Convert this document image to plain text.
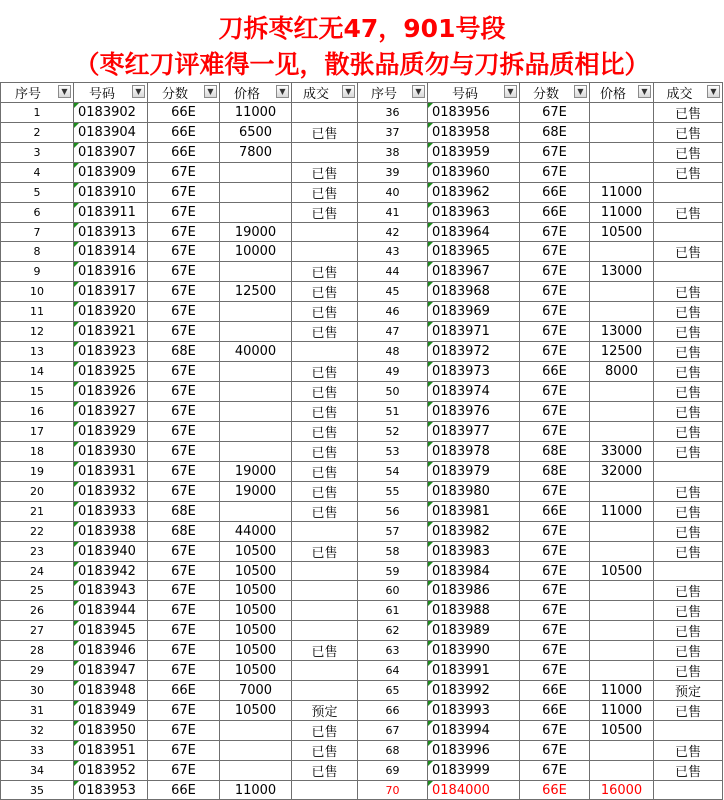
刀拆枣红无47，901号段
（枣红刀评难得一见，散张品质勿与刀拆品质相比）
序号 ▼	号码 ▼	分数 ▼	价格 ▼	成交 ▼	序号 ▼	号码 ▼	分数 ▼	价格 ▼	成交 ▼

1	0183902	66E	11000		36	0183956	67E		已售
2	0183904	66E	6500	已售	37	0183958	68E		已售
3	0183907	66E	7800		38	0183959	67E		已售
4	0183909	67E		已售	39	0183960	67E		已售
5	0183910	67E		已售	40	0183962	66E	11000	
6	0183911	67E		已售	41	0183963	66E	11000	已售
7	0183913	67E	19000		42	0183964	67E	10500	
8	0183914	67E	10000		43	0183965	67E		已售
9	0183916	67E		已售	44	0183967	67E	13000	
10	0183917	67E	12500	已售	45	0183968	67E		已售
11	0183920	67E		已售	46	0183969	67E		已售
12	0183921	67E		已售	47	0183971	67E	13000	已售
13	0183923	68E	40000		48	0183972	67E	12500	已售
14	0183925	67E		已售	49	0183973	66E	8000	已售
15	0183926	67E		已售	50	0183974	67E		已售
16	0183927	67E		已售	51	0183976	67E		已售
17	0183929	67E		已售	52	0183977	67E		已售
18	0183930	67E		已售	53	0183978	68E	33000	已售
19	0183931	67E	19000	已售	54	0183979	68E	32000	
20	0183932	67E	19000	已售	55	0183980	67E		已售
21	0183933	68E		已售	56	0183981	66E	11000	已售
22	0183938	68E	44000		57	0183982	67E		已售
23	0183940	67E	10500	已售	58	0183983	67E		已售
24	0183942	67E	10500		59	0183984	67E	10500	
25	0183943	67E	10500		60	0183986	67E		已售
26	0183944	67E	10500		61	0183988	67E		已售
27	0183945	67E	10500		62	0183989	67E		已售
28	0183946	67E	10500	已售	63	0183990	67E		已售
29	0183947	67E	10500		64	0183991	67E		已售
30	0183948	66E	7000		65	0183992	66E	11000	预定
31	0183949	67E	10500	预定	66	0183993	66E	11000	已售
32	0183950	67E		已售	67	0183994	67E	10500	
33	0183951	67E		已售	68	0183996	67E		已售
34	0183952	67E		已售	69	0183999	67E		已售
35	0183953	66E	11000		70	0184000	66E	16000	
